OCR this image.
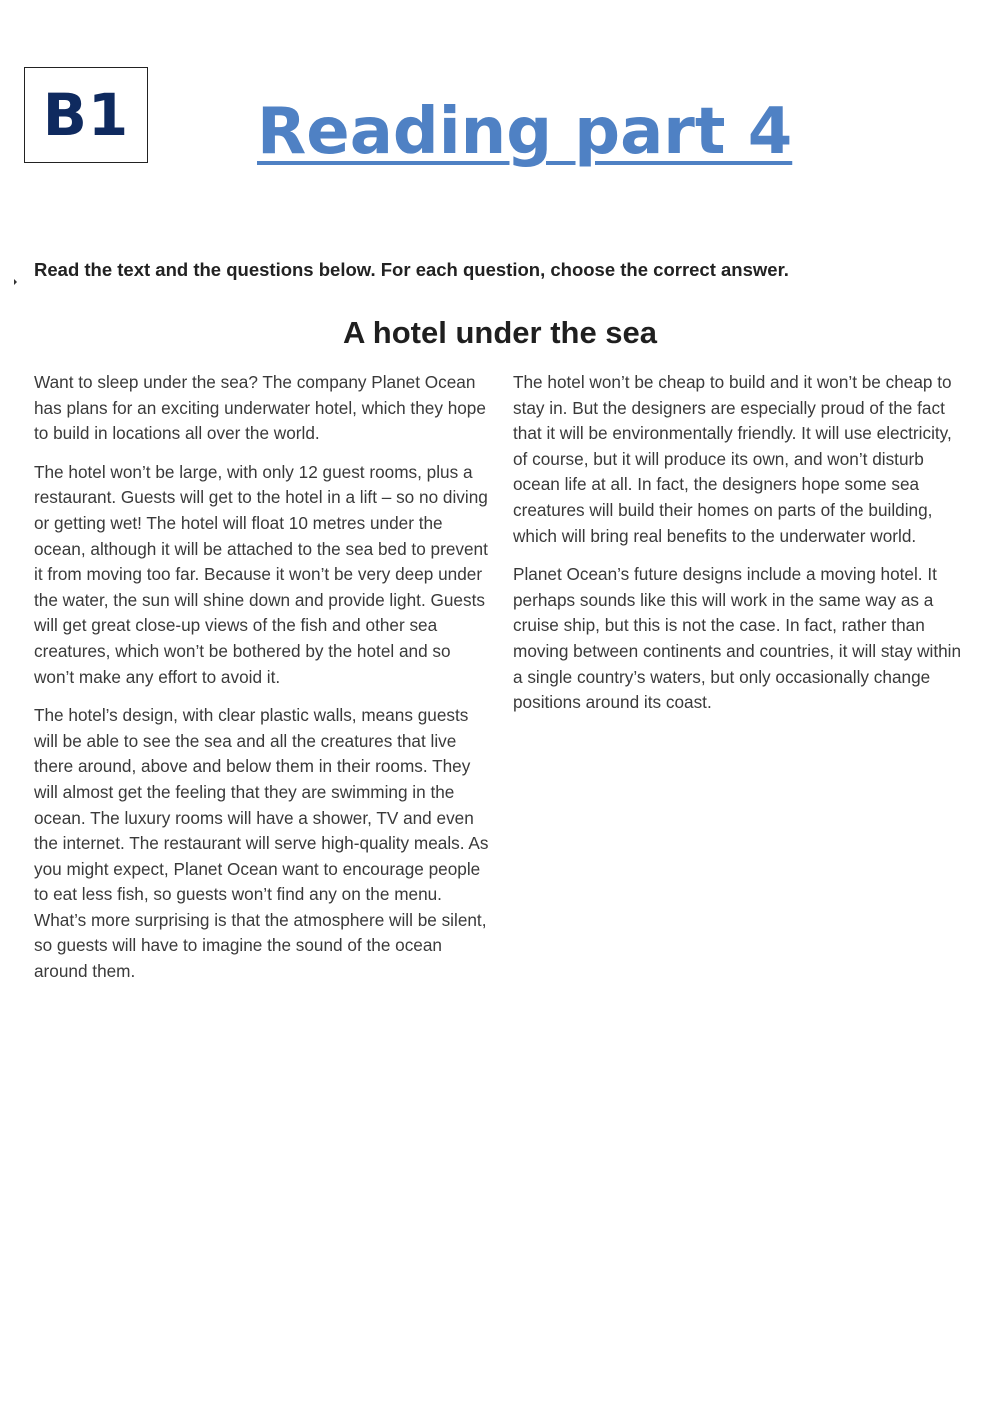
B1 Reading part 4

Read the text and the questions below. For each question, choose the correct answer.

A hotel under the sea

Want to sleep under the sea? The company Planet Ocean has plans for an exciting underwater hotel, which they hope to build in locations all over the world.

The hotel won’t be large, with only 12 guest rooms, plus a restaurant. Guests will get to the hotel in a lift – so no diving or getting wet! The hotel will float 10 metres under the ocean, although it will be attached to the sea bed to prevent it from moving too far. Because it won’t be very deep under the water, the sun will shine down and provide light. Guests will get great close-up views of the fish and other sea creatures, which won’t be bothered by the hotel and so won’t make any effort to avoid it.

The hotel’s design, with clear plastic walls, means guests will be able to see the sea and all the creatures that live there around, above and below them in their rooms. They will almost get the feeling that they are swimming in the ocean. The luxury rooms will have a shower, TV and even the internet. The restaurant will serve high-quality meals. As you might expect, Planet Ocean want to encourage people to eat less fish, so guests won’t find any on the menu. What’s more surprising is that the atmosphere will be silent, so guests will have to imagine the sound of the ocean around them.

The hotel won’t be cheap to build and it won’t be cheap to stay in. But the designers are especially proud of the fact that it will be environmentally friendly. It will use electricity, of course, but it will produce its own, and won’t disturb ocean life at all. In fact, the designers hope some sea creatures will build their homes on parts of the building, which will bring real benefits to the underwater world.

Planet Ocean’s future designs include a moving hotel. It perhaps sounds like this will work in the same way as a cruise ship, but this is not the case. In fact, rather than moving between continents and countries, it will stay within a single country’s waters, but only occasionally change positions around its coast.
